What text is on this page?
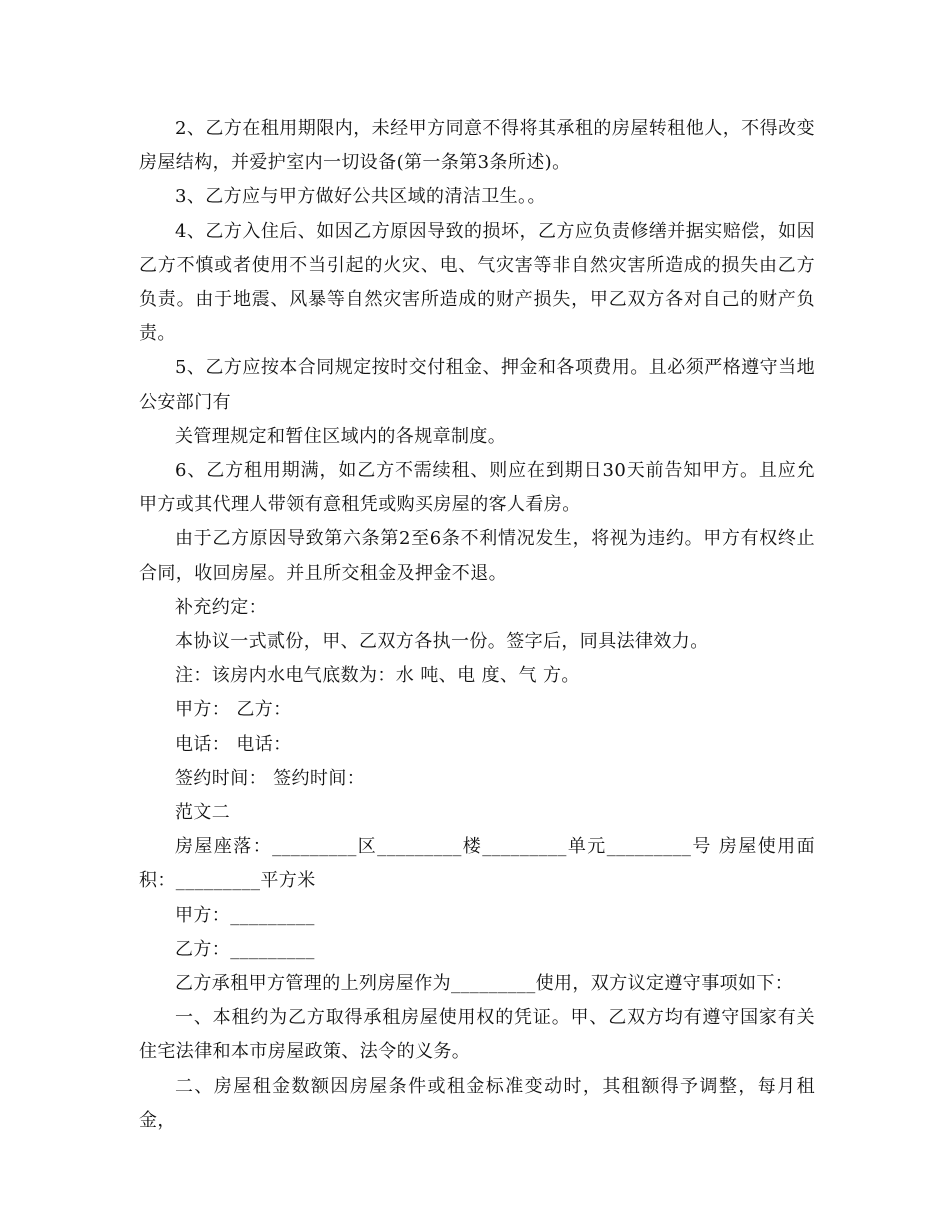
2、乙方在租用期限内，未经甲方同意不得将其承租的房屋转租他人，不得改变房屋结构，并爱护室内一切设备(第一条第3条所述)。

3、乙方应与甲方做好公共区域的清洁卫生。。

4、乙方入住后、如因乙方原因导致的损坏，乙方应负责修缮并据实赔偿，如因乙方不慎或者使用不当引起的火灾、电、气灾害等非自然灾害所造成的损失由乙方负责。由于地震、风暴等自然灾害所造成的财产损失，甲乙双方各对自己的财产负责。

5、乙方应按本合同规定按时交付租金、押金和各项费用。且必须严格遵守当地公安部门有

关管理规定和暂住区域内的各规章制度。

6、乙方租用期满，如乙方不需续租、则应在到期日30天前告知甲方。且应允甲方或其代理人带领有意租凭或购买房屋的客人看房。

由于乙方原因导致第六条第2至6条不利情况发生，将视为违约。甲方有权终止合同，收回房屋。并且所交租金及押金不退。

补充约定：

本协议一式贰份，甲、乙双方各执一份。签字后，同具法律效力。

注：该房内水电气底数为：水 吨、电 度、气 方。

甲方： 乙方：

电话： 电话：

签约时间： 签约时间：

范文二

房屋座落：_________区_________楼_________单元_________号 房屋使用面积：_________平方米

甲方：_________

乙方：_________

乙方承租甲方管理的上列房屋作为_________使用，双方议定遵守事项如下：

一、本租约为乙方取得承租房屋使用权的凭证。甲、乙双方均有遵守国家有关住宅法律和本市房屋政策、法令的义务。

二、房屋租金数额因房屋条件或租金标准变动时，其租额得予调整，每月租金，
